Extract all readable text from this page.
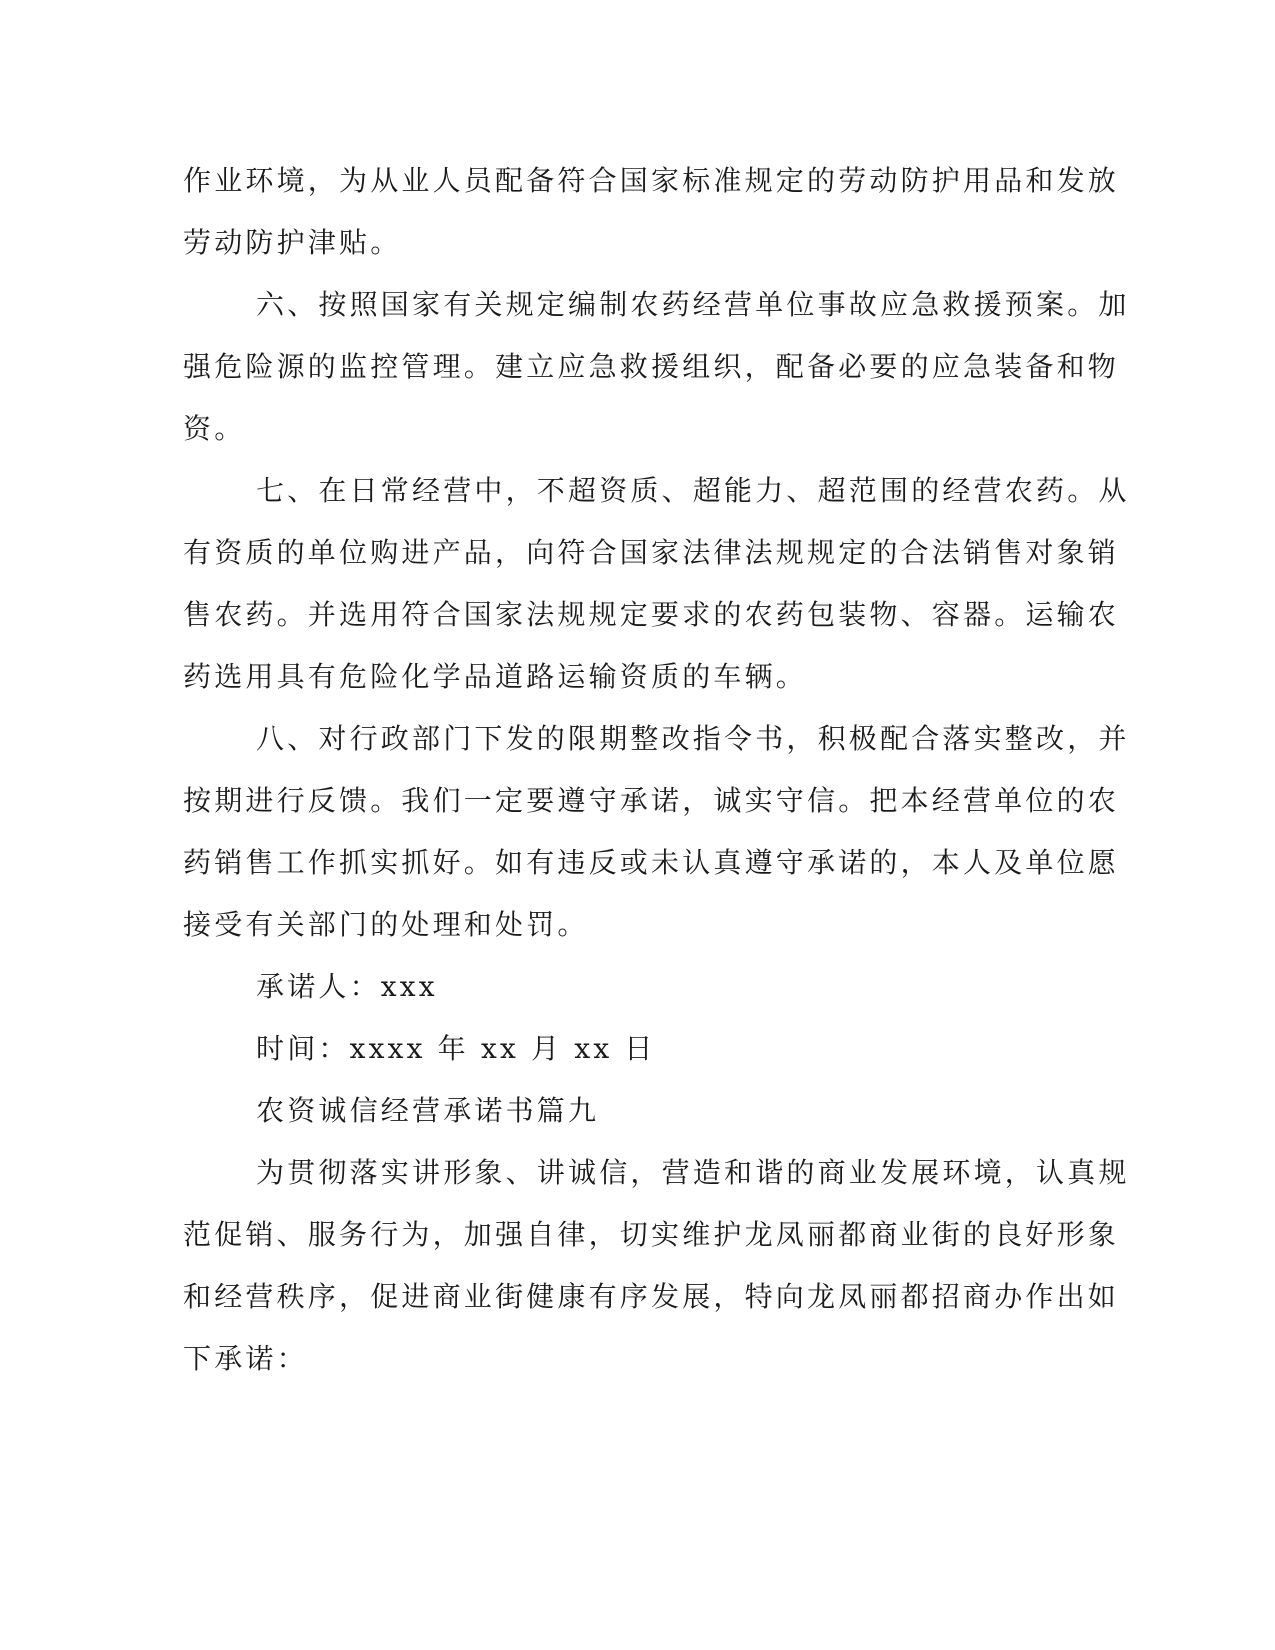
作业环境，为从业人员配备符合国家标准规定的劳动防护用品和发放
劳动防护津贴。
六、按照国家有关规定编制农药经营单位事故应急救援预案。加
强危险源的监控管理。建立应急救援组织，配备必要的应急装备和物
资。
七、在日常经营中，不超资质、超能力、超范围的经营农药。从
有资质的单位购进产品，向符合国家法律法规规定的合法销售对象销
售农药。并选用符合国家法规规定要求的农药包装物、容器。运输农
药选用具有危险化学品道路运输资质的车辆。
八、对行政部门下发的限期整改指令书，积极配合落实整改，并
按期进行反馈。我们一定要遵守承诺，诚实守信。把本经营单位的农
药销售工作抓实抓好。如有违反或未认真遵守承诺的，本人及单位愿
接受有关部门的处理和处罚。
承诺人：xxx
时间：xxxx 年 xx 月 xx 日
农资诚信经营承诺书篇九
为贯彻落实讲形象、讲诚信，营造和谐的商业发展环境，认真规
范促销、服务行为，加强自律，切实维护龙凤丽都商业街的良好形象
和经营秩序，促进商业街健康有序发展，特向龙凤丽都招商办作出如
下承诺：
